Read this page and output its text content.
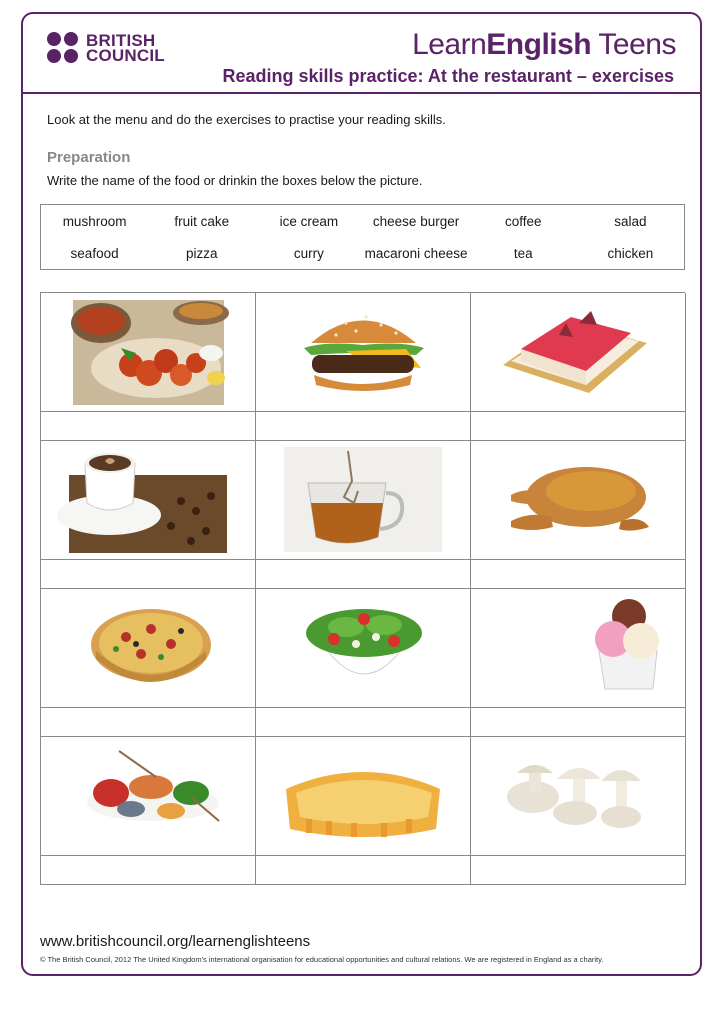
BRITISH
COUNCIL	LearnEnglish Teens
Reading skills practice: At the restaurant – exercises
Look at the menu and do the exercises to practise your reading skills.
Preparation
Write the name of the food or drinkin the boxes below the picture.
mushroom	fruit cake	ice cream	cheese burger	coffee	salad
seafood	pizza	curry	macaroni cheese	tea	chicken
www.britishcouncil.org/learnenglishteens
© The British Council, 2012 The United Kingdom's international organisation for educational opportunities and cultural relations. We are registered in England as a charity.
